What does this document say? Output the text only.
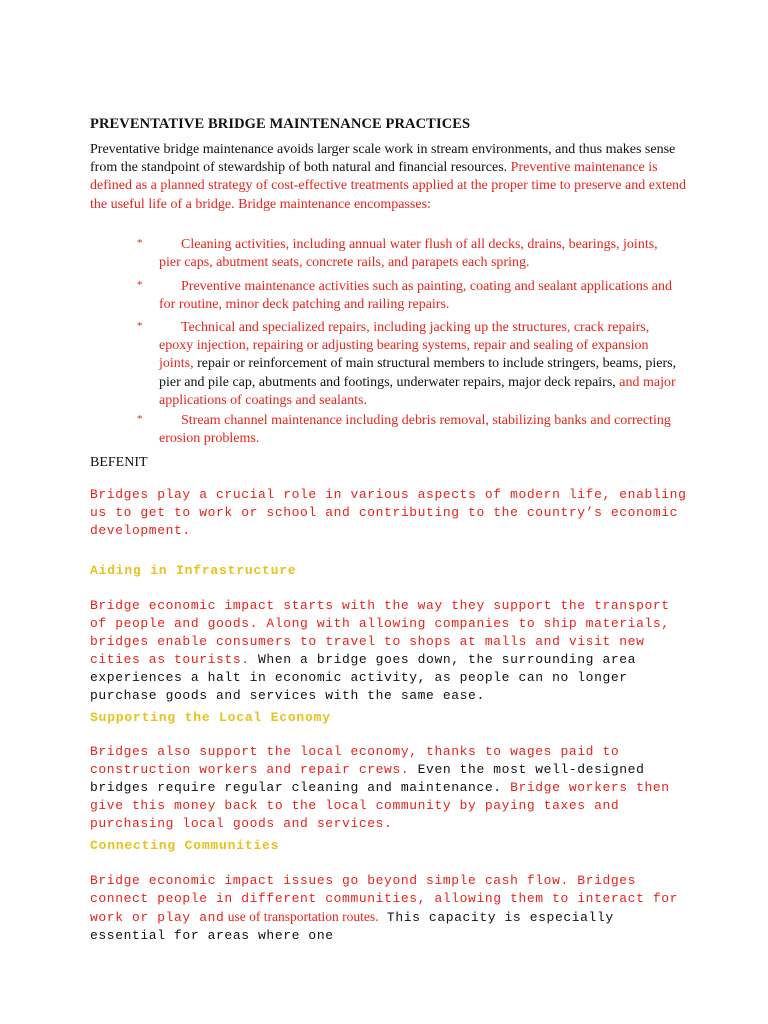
PREVENTATIVE BRIDGE MAINTENANCE PRACTICES

Preventative bridge maintenance avoids larger scale work in stream environments, and thus makes sense from the standpoint of stewardship of both natural and financial resources. Preventive maintenance is defined as a planned strategy of cost-effective treatments applied at the proper time to preserve and extend the useful life of a bridge. Bridge maintenance encompasses:

*	Cleaning activities, including annual water flush of all decks, drains, bearings, joints, pier caps, abutment seats, concrete rails, and parapets each spring.
*	Preventive maintenance activities such as painting, coating and sealant applications and for routine, minor deck patching and railing repairs.
*	Technical and specialized repairs, including jacking up the structures, crack repairs, epoxy injection, repairing or adjusting bearing systems, repair and sealing of expansion joints, repair or reinforcement of main structural members to include stringers, beams, piers, pier and pile cap, abutments and footings, underwater repairs, major deck repairs, and major applications of coatings and sealants.
*	Stream channel maintenance including debris removal, stabilizing banks and correcting erosion problems.

BEFENIT

Bridges play a crucial role in various aspects of modern life, enabling us to get to work or school and contributing to the country’s economic development.

Aiding in Infrastructure

Bridge economic impact starts with the way they support the transport of people and goods. Along with allowing companies to ship materials, bridges enable consumers to travel to shops at malls and visit new cities as tourists. When a bridge goes down, the surrounding area experiences a halt in economic activity, as people can no longer purchase goods and services with the same ease.

Supporting the Local Economy

Bridges also support the local economy, thanks to wages paid to construction workers and repair crews. Even the most well-designed bridges require regular cleaning and maintenance. Bridge workers then give this money back to the local community by paying taxes and purchasing local goods and services.

Connecting Communities

Bridge economic impact issues go beyond simple cash flow. Bridges connect people in different communities, allowing them to interact for work or play and use of transportation routes. This capacity is especially essential for areas where one
